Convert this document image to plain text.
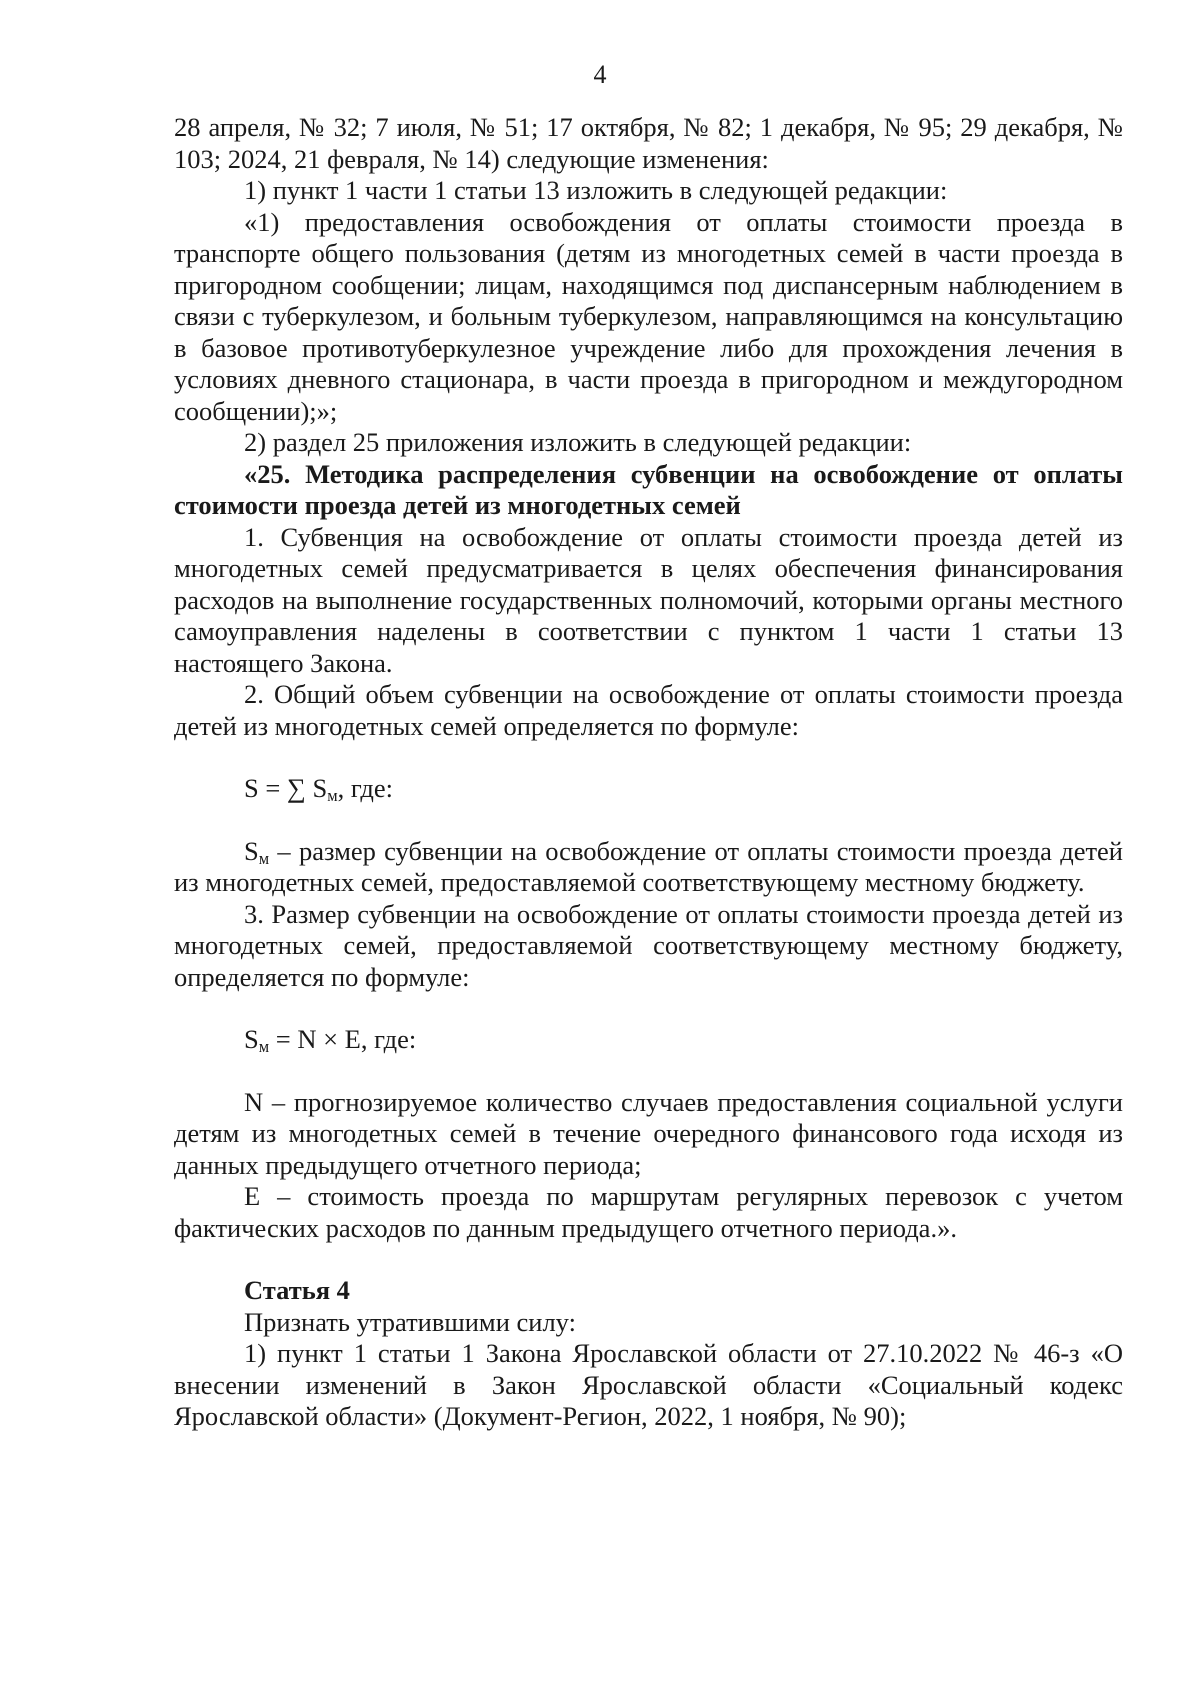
4

28 апреля, № 32; 7 июля, № 51; 17 октября, № 82; 1 декабря, № 95; 29 декабря, № 103; 2024, 21 февраля, № 14) следующие изменения:

1) пункт 1 части 1 статьи 13 изложить в следующей редакции:

«1) предоставления освобождения от оплаты стоимости проезда в транспорте общего пользования (детям из многодетных семей в части проезда в пригородном сообщении; лицам, находящимся под диспансерным наблюдением в связи с туберкулезом, и больным туберкулезом, направляющимся на консультацию в базовое противотуберкулезное учреждение либо для прохождения лечения в условиях дневного стационара, в части проезда в пригородном и междугородном сообщении);»;

2) раздел 25 приложения изложить в следующей редакции:

«25. Методика распределения субвенции на освобождение от оплаты стоимости проезда детей из многодетных семей

1. Субвенция на освобождение от оплаты стоимости проезда детей из многодетных семей предусматривается в целях обеспечения финансирования расходов на выполнение государственных полномочий, которыми органы местного самоуправления наделены в соответствии с пунктом 1 части 1 статьи 13 настоящего Закона.

2. Общий объем субвенции на освобождение от оплаты стоимости проезда детей из многодетных семей определяется по формуле:

S = ∑ $S_м$, где:

$S_м$ – размер субвенции на освобождение от оплаты стоимости проезда детей из многодетных семей, предоставляемой соответствующему местному бюджету.

3. Размер субвенции на освобождение от оплаты стоимости проезда детей из многодетных семей, предоставляемой соответствующему местному бюджету, определяется по формуле:

$S_м = N \times E$, где:

N – прогнозируемое количество случаев предоставления социальной услуги детям из многодетных семей в течение очередного финансового года исходя из данных предыдущего отчетного периода;

E – стоимость проезда по маршрутам регулярных перевозок с учетом фактических расходов по данным предыдущего отчетного периода.».

Статья 4

Признать утратившими силу:

1) пункт 1 статьи 1 Закона Ярославской области от 27.10.2022 № 46-з «О внесении изменений в Закон Ярославской области «Социальный кодекс Ярославской области» (Документ-Регион, 2022, 1 ноября, № 90);
